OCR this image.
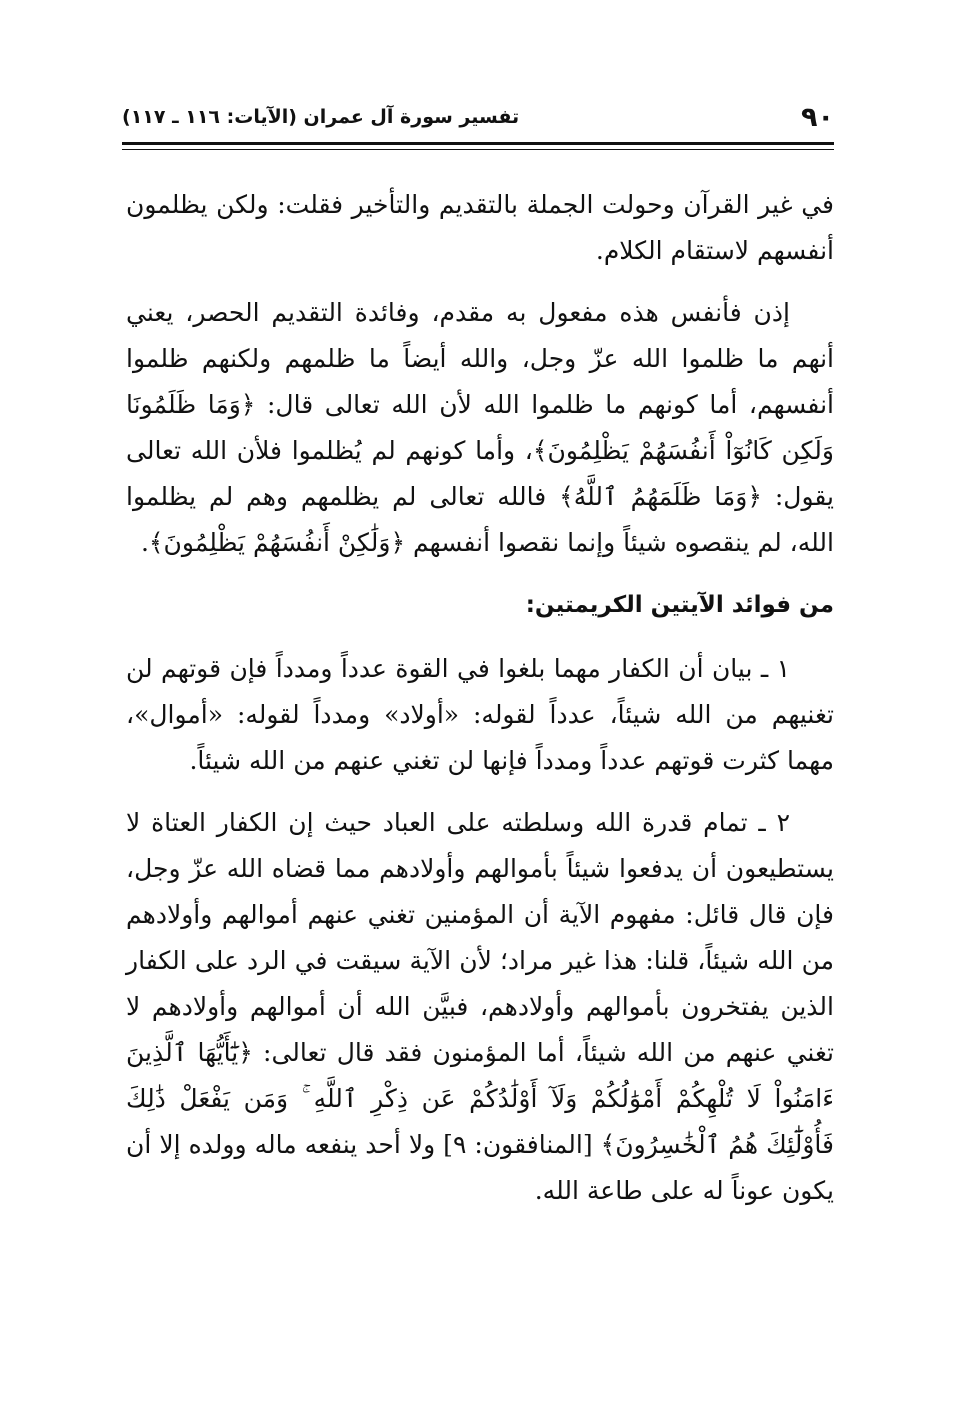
٩٠
تفسير سورة آل عمران (الآيات: ١١٦ ـ ١١٧)

في غير القرآن وحولت الجملة بالتقديم والتأخير فقلت: ولكن يظلمون أنفسهم لاستقام الكلام.

إذن فأنفس هذه مفعول به مقدم، وفائدة التقديم الحصر، يعني أنهم ما ظلموا الله عزّ وجل، والله أيضاً ما ظلمهم ولكنهم ظلموا أنفسهم، أما كونهم ما ظلموا الله لأن الله تعالى قال: ﴿وَمَا ظَلَمُونَا وَلَكِن كَانُوٓاْ أَنفُسَهُمْ يَظْلِمُونَ﴾، وأما كونهم لم يُظلموا فلأن الله تعالى يقول: ﴿وَمَا ظَلَمَهُمُ ٱللَّهُ﴾ فالله تعالى لم يظلمهم وهم لم يظلموا الله، لم ينقصوه شيئاً وإنما نقصوا أنفسهم ﴿وَلَٰكِنْ أَنفُسَهُمْ يَظْلِمُونَ﴾.

من فوائد الآيتين الكريمتين:

١ ـ بيان أن الكفار مهما بلغوا في القوة عدداً ومدداً فإن قوتهم لن تغنيهم من الله شيئاً، عدداً لقوله: «أولاد» ومدداً لقوله: «أموال»، مهما كثرت قوتهم عدداً ومدداً فإنها لن تغني عنهم من الله شيئاً.

٢ ـ تمام قدرة الله وسلطته على العباد حيث إن الكفار العتاة لا يستطيعون أن يدفعوا شيئاً بأموالهم وأولادهم مما قضاه الله عزّ وجل، فإن قال قائل: مفهوم الآية أن المؤمنين تغني عنهم أموالهم وأولادهم من الله شيئاً، قلنا: هذا غير مراد؛ لأن الآية سيقت في الرد على الكفار الذين يفتخرون بأموالهم وأولادهم، فبيَّن الله أن أموالهم وأولادهم لا تغني عنهم من الله شيئاً، أما المؤمنون فقد قال تعالى: ﴿يَٰٓأَيُّهَا ٱلَّذِينَ ءَامَنُواْ لَا تُلْهِكُمْ أَمْوَٰلُكُمْ وَلَآ أَوْلَٰدُكُمْ عَن ذِكْرِ ٱللَّهِ ۚ وَمَن يَفْعَلْ ذَٰلِكَ فَأُوْلَٰٓئِكَ هُمُ ٱلْخَٰسِرُونَ﴾ [المنافقون: ٩] ولا أحد ينفعه ماله وولده إلا أن يكون عوناً له على طاعة الله.
